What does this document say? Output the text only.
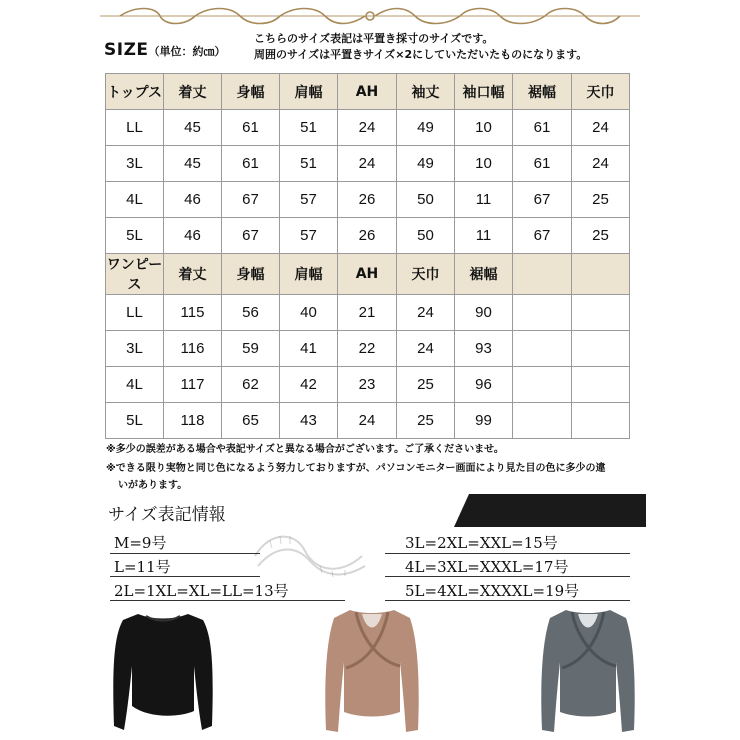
SIZE（単位：約㎝）
こちらのサイズ表記は平置き採寸のサイズです。
周囲のサイズは平置きサイズ×2にしていただいたものになります。
トップス	着丈	身幅	肩幅	AH	袖丈	袖口幅	裾幅	天巾
LL	45	61	51	24	49	10	61	24
3L	45	61	51	24	49	10	61	24
4L	46	67	57	26	50	11	67	25
5L	46	67	57	26	50	11	67	25
ワンピース	着丈	身幅	肩幅	AH	天巾	裾幅		
LL	115	56	40	21	24	90		
3L	116	59	41	22	24	93		
4L	117	62	42	23	25	96		
5L	118	65	43	24	25	99		
※多少の誤差がある場合や表記サイズと異なる場合がございます。ご了承くださいませ。
※できる限り実物と同じ色になるよう努力しておりますが、パソコンモニター画面により見た目の色に多少の違
いがあります。
サイズ表記情報
M=9号
L=11号
2L=1XL=XL=LL=13号
3L=2XL=XXL=15号
4L=3XL=XXXL=17号
5L=4XL=XXXXL=19号
